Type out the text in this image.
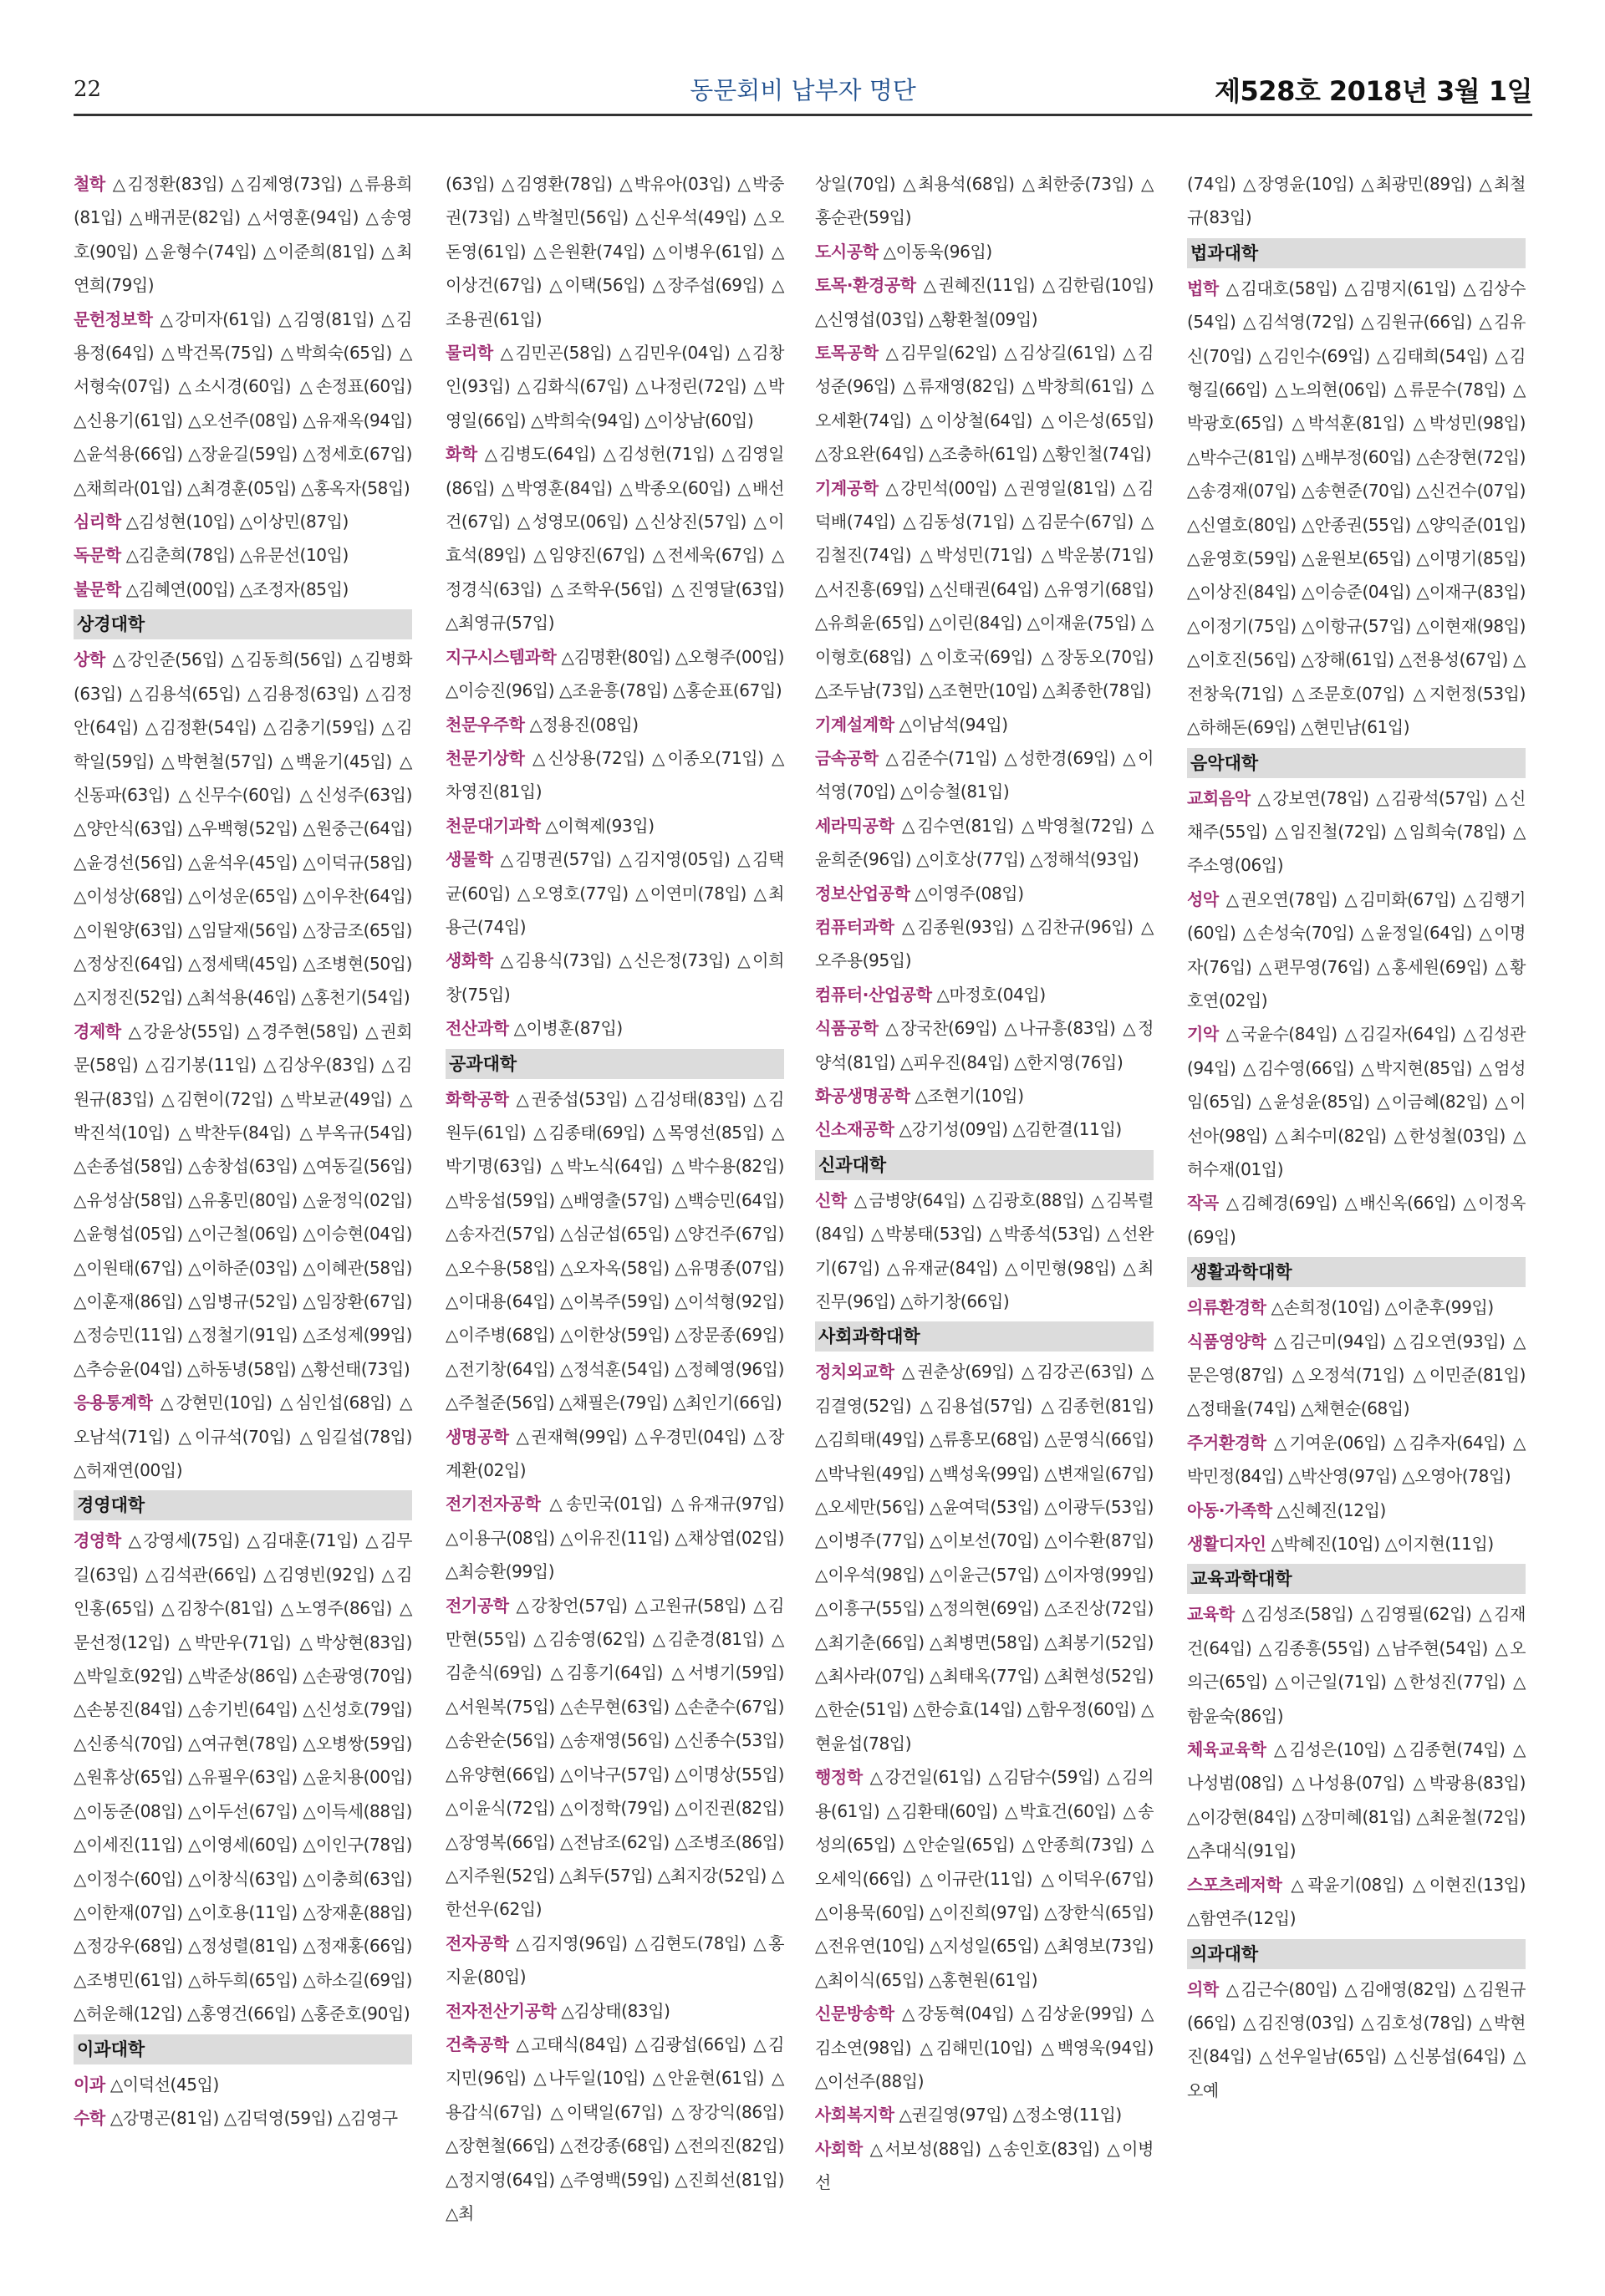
22	동문회비 납부자 명단	제528호 2018년 3월 1일
철학 △김정환(83입) △김제영(73입) △류용희(81입) △배귀문(82입) △서영훈(94입) △송영호(90입) △윤형수(74입) △이준희(81입) △최연희(79입)
문헌정보학 △강미자(61입) △김영(81입) △김용정(64입) △박건목(75입) △박희숙(65입) △서형숙(07입) △소시경(60입) △손정표(60입) △신용기(61입) △오선주(08입) △유재옥(94입) △윤석용(66입) △장윤길(59입) △정세호(67입) △채희라(01입) △최경훈(05입) △홍옥자(58입)
심리학 △김성현(10입) △이상민(87입)
독문학 △김춘희(78입) △유문선(10입)
불문학 △김혜연(00입) △조정자(85입)
상경대학
상학 △강인준(56입) △김동희(56입) △김병화(63입) △김용석(65입) △김용정(63입) △김정안(64입) △김정환(54입) △김충기(59입) △김학일(59입) △박현철(57입) △백윤기(45입) △신동파(63입) △신무수(60입) △신성주(63입) △양안식(63입) △우백형(52입) △원중근(64입) △윤경선(56입) △윤석우(45입) △이덕규(58입) △이성상(68입) △이성운(65입) △이우찬(64입) △이원양(63입) △임달재(56입) △장금조(65입) △정상진(64입) △정세택(45입) △조병현(50입) △지정진(52입) △최석용(46입) △홍천기(54입)
경제학 △강윤상(55입) △경주현(58입) △권회문(58입) △김기봉(11입) △김상우(83입) △김원규(83입) △김현이(72입) △박보균(49입) △박진석(10입) △박찬두(84입) △부옥규(54입) △손종섭(58입) △송창섭(63입) △여동길(56입) △유성삼(58입) △유홍민(80입) △윤정익(02입) △윤형섭(05입) △이근철(06입) △이승현(04입) △이원태(67입) △이하준(03입) △이혜관(58입) △이훈재(86입) △임병규(52입) △임장환(67입) △정승민(11입) △정철기(91입) △조성제(99입) △추승윤(04입) △하동녕(58입) △황선태(73입)
응용통계학 △강현민(10입) △심인섭(68입) △오남석(71입) △이규석(70입) △임길섭(78입) △허재연(00입)
경영대학
경영학 △강영세(75입) △김대훈(71입) △김무길(63입) △김석관(66입) △김영빈(92입) △김인홍(65입) △김창수(81입) △노영주(86입) △문선정(12입) △박만우(71입) △박상현(83입) △박일호(92입) △박준상(86입) △손광영(70입) △손봉진(84입) △송기빈(64입) △신성호(79입) △신종식(70입) △여규현(78입) △오병쌍(59입) △원휴상(65입) △유필우(63입) △윤치용(00입) △이동준(08입) △이두선(67입) △이득세(88입) △이세진(11입) △이영세(60입) △이인구(78입) △이정수(60입) △이창식(63입) △이충희(63입) △이한재(07입) △이호용(11입) △장재훈(88입) △정강우(68입) △정성렬(81입) △정재홍(66입) △조병민(61입) △하두희(65입) △하소길(69입) △허운해(12입) △홍영건(66입) △홍준호(90입)
이과대학
이과 △이덕선(45입)
수학 △강명곤(81입) △김덕영(59입) △김영구
(63입) △김영환(78입) △박유아(03입) △박중권(73입) △박철민(56입) △신우석(49입) △오돈영(61입) △은원환(74입) △이병우(61입) △이상건(67입) △이택(56입) △장주섭(69입) △조용권(61입)
물리학 △김민곤(58입) △김민우(04입) △김창인(93입) △김화식(67입) △나정린(72입) △박영일(66입) △박희숙(94입) △이상남(60입)
화학 △김병도(64입) △김성헌(71입) △김영일(86입) △박영훈(84입) △박종오(60입) △배선건(67입) △성영모(06입) △신상진(57입) △이효석(89입) △임양진(67입) △전세욱(67입) △정경식(63입) △조학우(56입) △진영달(63입) △최영규(57입)
지구시스템과학 △김명환(80입) △오형주(00입) △이승진(96입) △조윤흥(78입) △홍순표(67입)
천문우주학 △정용진(08입)
천문기상학 △신상용(72입) △이종오(71입) △차영진(81입)
천문대기과학 △이혁제(93입)
생물학 △김명권(57입) △김지영(05입) △김택균(60입) △오영호(77입) △이연미(78입) △최용근(74입)
생화학 △김용식(73입) △신은정(73입) △이희창(75입)
전산과학 △이병훈(87입)
공과대학
화학공학 △권중섭(53입) △김성태(83입) △김원두(61입) △김종태(69입) △목영선(85입) △박기명(63입) △박노식(64입) △박수용(82입) △박웅섭(59입) △배영출(57입) △백승민(64입) △송자건(57입) △심군섭(65입) △양건주(67입) △오수용(58입) △오자옥(58입) △유명종(07입) △이대용(64입) △이복주(59입) △이석형(92입) △이주병(68입) △이한상(59입) △장문종(69입) △전기창(64입) △정석훈(54입) △정혜영(96입) △주철준(56입) △채필은(79입) △최인기(66입)
생명공학 △권재혁(99입) △우경민(04입) △장계환(02입)
전기전자공학 △송민국(01입) △유재규(97입) △이용구(08입) △이유진(11입) △채상엽(02입) △최승환(99입)
전기공학 △강창언(57입) △고원규(58입) △김만현(55입) △김송영(62입) △김춘경(81입) △김춘식(69입) △김흥기(64입) △서병기(59입) △서원복(75입) △손무현(63입) △손춘수(67입) △송완순(56입) △송재영(56입) △신종수(53입) △유양현(66입) △이낙구(57입) △이명상(55입) △이윤식(72입) △이정학(79입) △이진권(82입) △장영복(66입) △전남조(62입) △조병조(86입) △지주원(52입) △최두(57입) △최지강(52입) △한선우(62입)
전자공학 △김지영(96입) △김현도(78입) △홍지윤(80입)
전자전산기공학 △김상태(83입)
건축공학 △고태식(84입) △김광섭(66입) △김지민(96입) △나두일(10입) △안윤현(61입) △용갑식(67입) △이택일(67입) △장강익(86입) △장현철(66입) △전강종(68입) △전의진(82입) △정지영(64입) △주영백(59입) △진희선(81입) △최
상일(70입) △최용석(68입) △최한중(73입) △홍순관(59입)
도시공학 △이동욱(96입)
토목·환경공학 △권혜진(11입) △김한림(10입) △신영섭(03입) △황환철(09입)
토목공학 △김무일(62입) △김상길(61입) △김성준(96입) △류재영(82입) △박창희(61입) △오세환(74입) △이상철(64입) △이은성(65입) △장요완(64입) △조충하(61입) △황인철(74입)
기계공학 △강민석(00입) △권영일(81입) △김덕배(74입) △김동성(71입) △김문수(67입) △김철진(74입) △박성민(71입) △박운봉(71입) △서진흥(69입) △신태권(64입) △유영기(68입) △유희윤(65입) △이린(84입) △이재윤(75입) △이형호(68입) △이호국(69입) △장동오(70입) △조두남(73입) △조현만(10입) △최종한(78입)
기계설계학 △이남석(94입)
금속공학 △김준수(71입) △성한경(69입) △이석영(70입) △이승철(81입)
세라믹공학 △김수연(81입) △박영철(72입) △윤희준(96입) △이호상(77입) △정해석(93입)
정보산업공학 △이영주(08입)
컴퓨터과학 △김종원(93입) △김찬규(96입) △오주용(95입)
컴퓨터·산업공학 △마정호(04입)
식품공학 △장국찬(69입) △나규흥(83입) △정양석(81입) △피우진(84입) △한지영(76입)
화공생명공학 △조현기(10입)
신소재공학 △강기성(09입) △김한결(11입)
신과대학
신학 △금병양(64입) △김광호(88입) △김복렬(84입) △박봉태(53입) △박종석(53입) △선완기(67입) △유재균(84입) △이민형(98입) △최진무(96입) △하기창(66입)
사회과학대학
정치외교학 △권춘상(69입) △김강곤(63입) △김결영(52입) △김용섭(57입) △김종헌(81입) △김희태(49입) △류흥모(68입) △문영식(66입) △박낙원(49입) △백성욱(99입) △변재일(67입) △오세만(56입) △윤여덕(53입) △이광두(53입) △이병주(77입) △이보선(70입) △이수환(87입) △이우석(98입) △이윤근(57입) △이자영(99입) △이흥구(55입) △정의현(69입) △조진상(72입) △최기춘(66입) △최병면(58입) △최봉기(52입) △최사라(07입) △최태옥(77입) △최현성(52입) △한순(51입) △한승효(14입) △함우정(60입) △현윤섭(78입)
행정학 △강건일(61입) △김담수(59입) △김의용(61입) △김환태(60입) △박효건(60입) △송성의(65입) △안순일(65입) △안종희(73입) △오세익(66입) △이규란(11입) △이덕우(67입) △이용묵(60입) △이진희(97입) △장한식(65입) △전유연(10입) △지성일(65입) △최영보(73입) △최이식(65입) △홍현원(61입)
신문방송학 △강동혁(04입) △김상윤(99입) △김소연(98입) △김해민(10입) △백영욱(94입) △이선주(88입)
사회복지학 △권길영(97입) △정소영(11입)
사회학 △서보성(88입) △송인호(83입) △이병선
(74입) △장영윤(10입) △최광민(89입) △최철규(83입)
법과대학
법학 △김대호(58입) △김명지(61입) △김상수(54입) △김석영(72입) △김원규(66입) △김유신(70입) △김인수(69입) △김태희(54입) △김형길(66입) △노의현(06입) △류문수(78입) △박광호(65입) △박석훈(81입) △박성민(98입) △박수근(81입) △배부정(60입) △손장현(72입) △송경재(07입) △송현준(70입) △신건수(07입) △신열호(80입) △안종권(55입) △양익준(01입) △윤영호(59입) △윤원보(65입) △이명기(85입) △이상진(84입) △이승준(04입) △이재구(83입) △이정기(75입) △이항규(57입) △이현재(98입) △이호진(56입) △장해(61입) △전용성(67입) △전창욱(71입) △조문호(07입) △지헌정(53입) △하해돈(69입) △현민남(61입)
음악대학
교회음악 △강보연(78입) △김광석(57입) △신채주(55입) △임진철(72입) △임희숙(78입) △주소영(06입)
성악 △권오연(78입) △김미화(67입) △김행기(60입) △손성숙(70입) △윤정일(64입) △이명자(76입) △편무영(76입) △홍세원(69입) △황호연(02입)
기악 △국윤수(84입) △김길자(64입) △김성관(94입) △김수영(66입) △박지현(85입) △엄성임(65입) △윤성윤(85입) △이금혜(82입) △이선아(98입) △최수미(82입) △한성철(03입) △허수재(01입)
작곡 △김혜경(69입) △배신옥(66입) △이정옥(69입)
생활과학대학
의류환경학 △손희정(10입) △이춘후(99입)
식품영양학 △김근미(94입) △김오연(93입) △문은영(87입) △오정석(71입) △이민준(81입) △정태율(74입) △채현순(68입)
주거환경학 △기여운(06입) △김추자(64입) △박민정(84입) △박산영(97입) △오영아(78입)
아동·가족학 △신혜진(12입)
생활디자인 △박혜진(10입) △이지현(11입)
교육과학대학
교육학 △김성조(58입) △김영필(62입) △김재건(64입) △김종흥(55입) △남주현(54입) △오의근(65입) △이근일(71입) △한성진(77입) △함윤숙(86입)
체육교육학 △김성은(10입) △김종현(74입) △나성범(08입) △나성용(07입) △박광용(83입) △이강현(84입) △장미혜(81입) △최윤철(72입) △추대식(91입)
스포츠레저학 △곽윤기(08입) △이현진(13입) △함연주(12입)
의과대학
의학 △김근수(80입) △김애영(82입) △김원규(66입) △김진영(03입) △김호성(78입) △박현진(84입) △선우일남(65입) △신봉섭(64입) △오예
